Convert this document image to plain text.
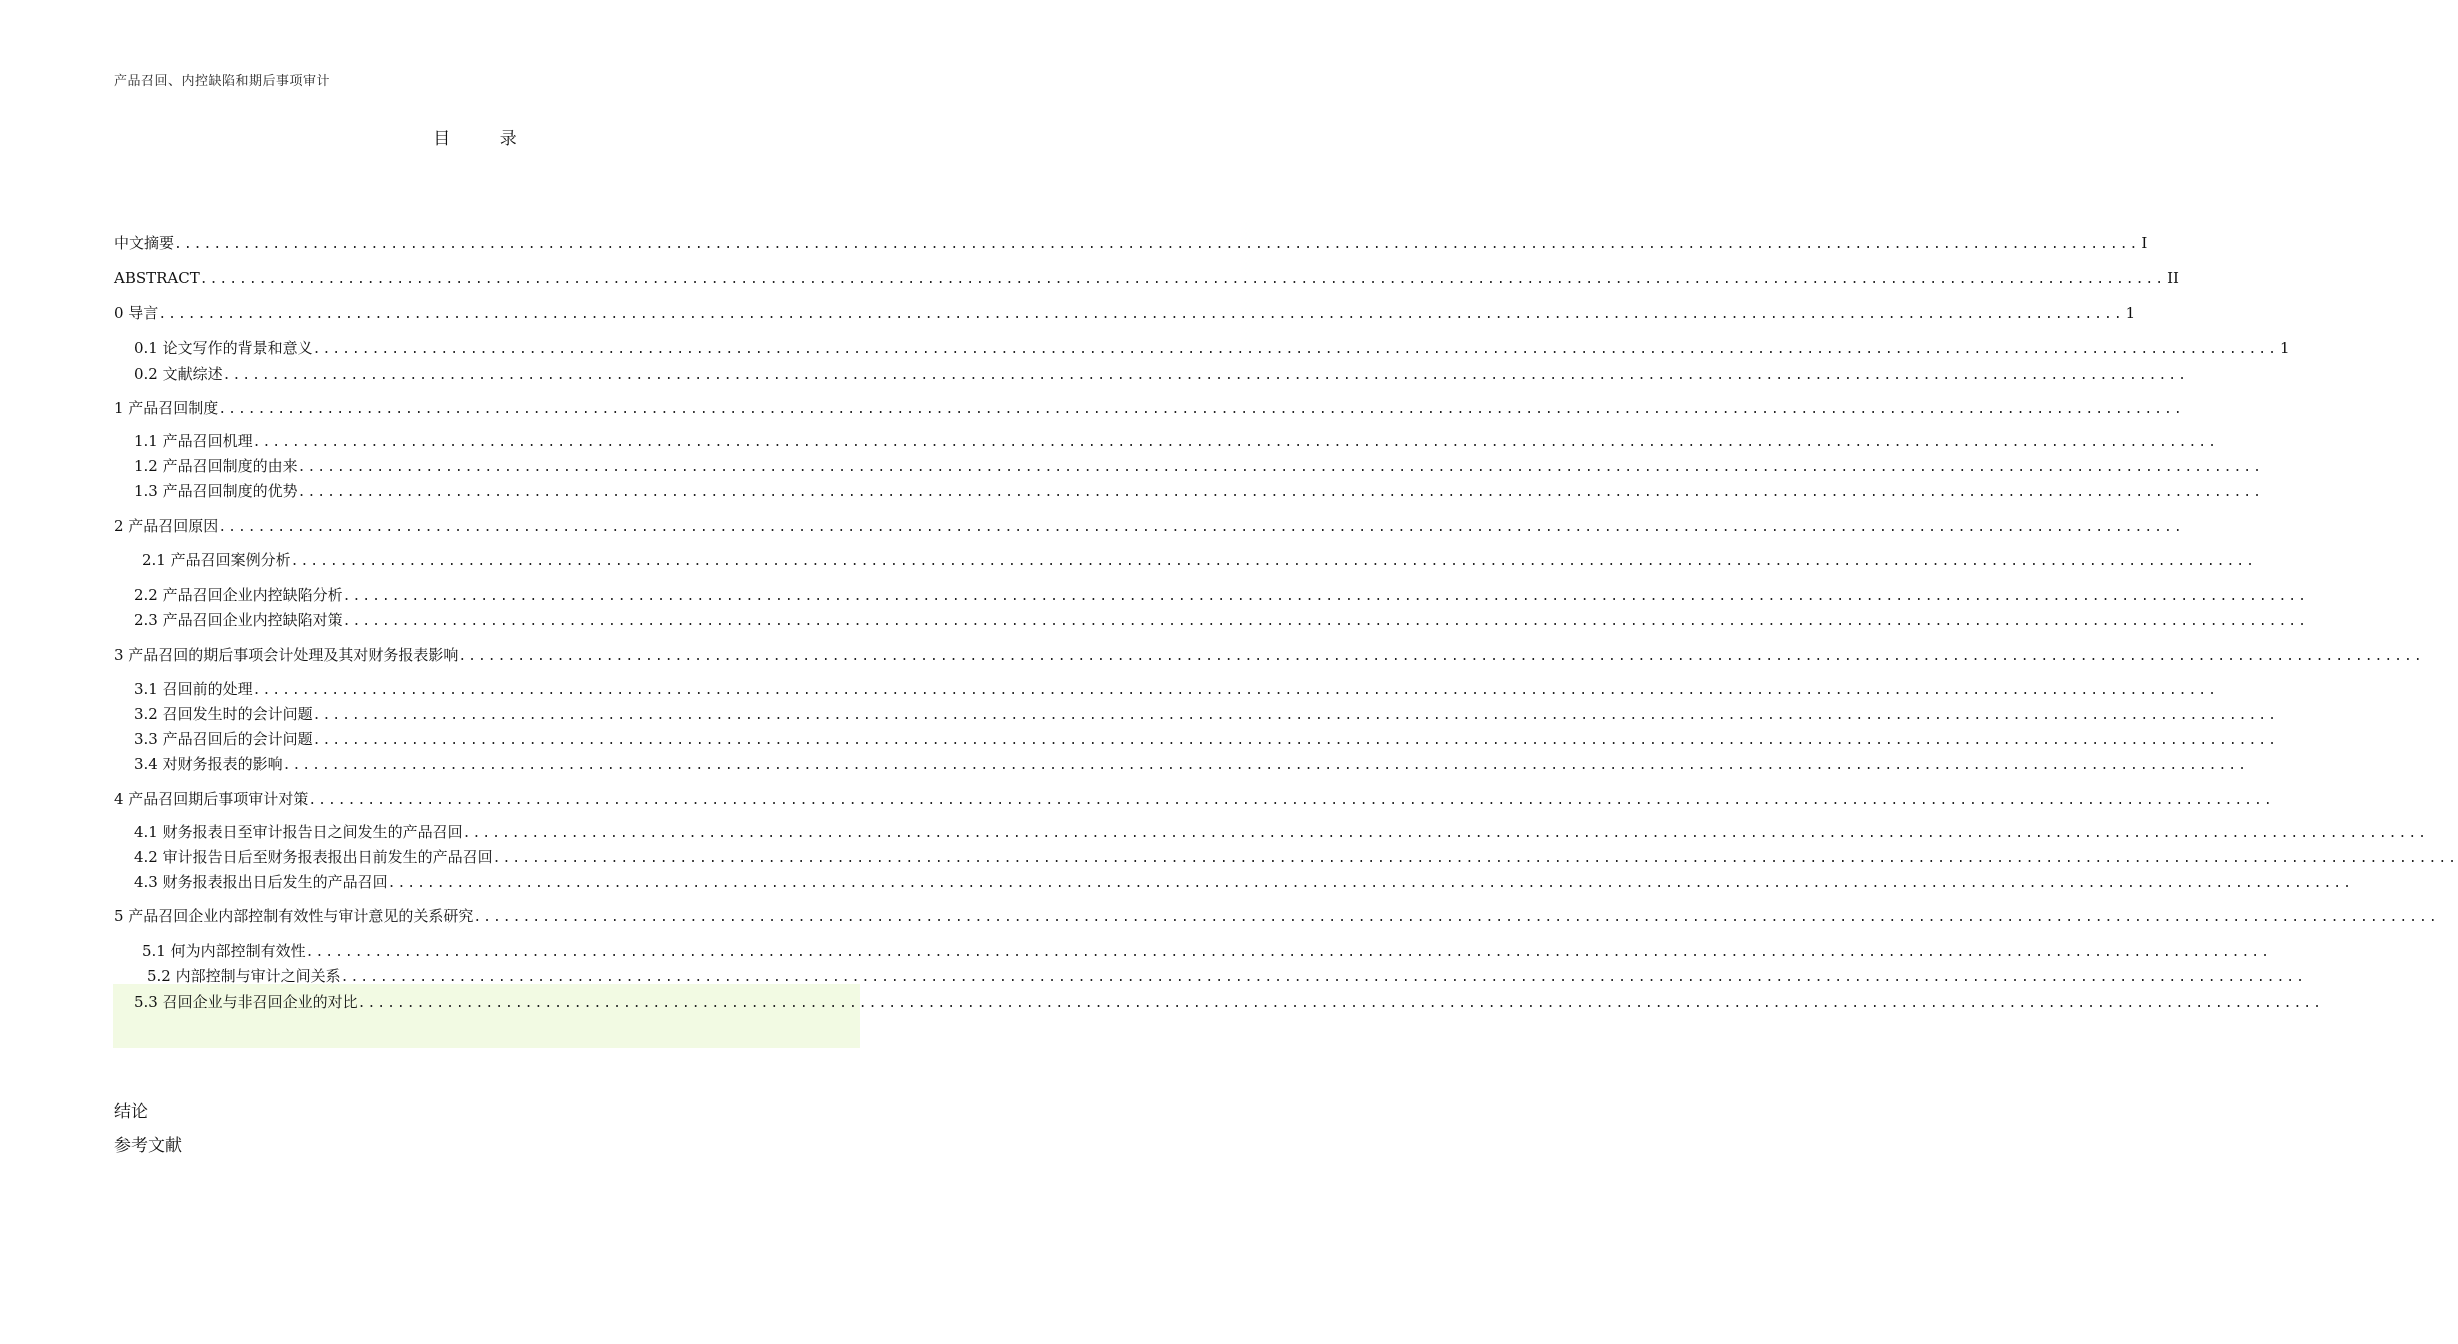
产品召回、内控缺陷和期后事项审计
目 录
中文摘要 ........................................................................................................................................................................................................ I
ABSTRACT ........................................................................................................................................................................................................ II
0 导言 ........................................................................................................................................................................................................ 1
0.1 论文写作的背景和意义 ........................................................................................................................................................................................................ 1
0.2 文献综述 ........................................................................................................................................................................................................
1 产品召回制度 ........................................................................................................................................................................................................
1.1 产品召回机理 ........................................................................................................................................................................................................
1.2 产品召回制度的由来 ........................................................................................................................................................................................................
1.3 产品召回制度的优势 ........................................................................................................................................................................................................
2 产品召回原因 ........................................................................................................................................................................................................
2.1 产品召回案例分析 ........................................................................................................................................................................................................
2.2 产品召回企业内控缺陷分析 ........................................................................................................................................................................................................
2.3 产品召回企业内控缺陷对策 ........................................................................................................................................................................................................
3 产品召回的期后事项会计处理及其对财务报表影响 ........................................................................................................................................................................................................
3.1 召回前的处理 ........................................................................................................................................................................................................
3.2 召回发生时的会计问题 ........................................................................................................................................................................................................
3.3 产品召回后的会计问题 ........................................................................................................................................................................................................
3.4 对财务报表的影响 ........................................................................................................................................................................................................
4 产品召回期后事项审计对策 ........................................................................................................................................................................................................
4.1 财务报表日至审计报告日之间发生的产品召回 ........................................................................................................................................................................................................
4.2 审计报告日后至财务报表报出日前发生的产品召回 ........................................................................................................................................................................................................
4.3 财务报表报出日后发生的产品召回 ........................................................................................................................................................................................................
5 产品召回企业内部控制有效性与审计意见的关系研究 ........................................................................................................................................................................................................
5.1 何为内部控制有效性 ........................................................................................................................................................................................................
5.2 内部控制与审计之间关系 ........................................................................................................................................................................................................
5.3 召回企业与非召回企业的对比 ........................................................................................................................................................................................................
结论
参考文献
